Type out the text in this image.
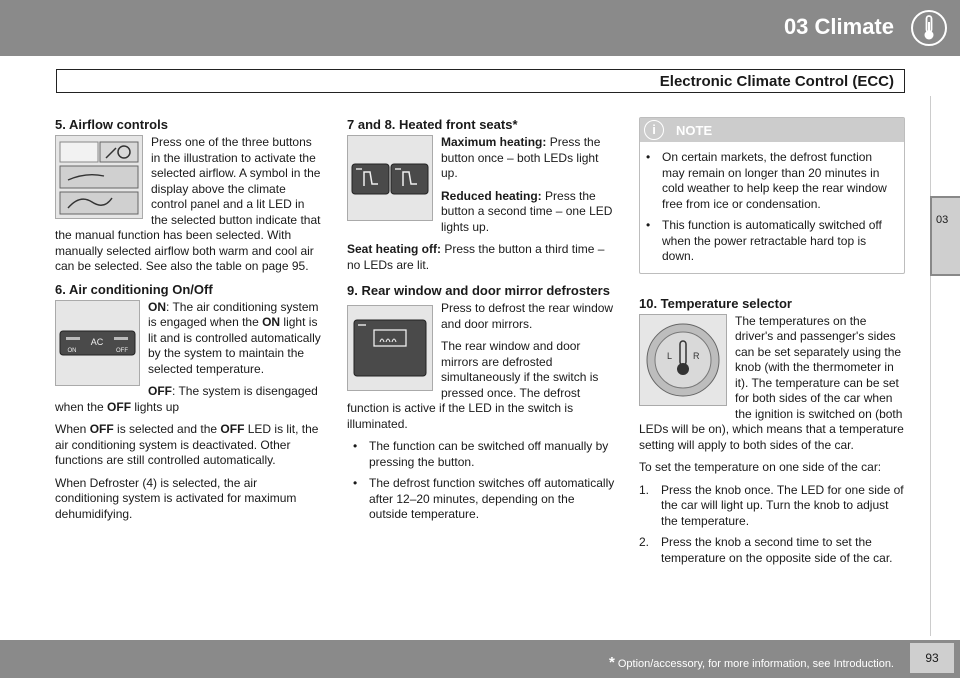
03 Climate
Electronic Climate Control (ECC)
03
5. Airflow controls

Press one of the three buttons in the illustration to activate the selected airflow. A symbol in the display above the climate control panel and a lit LED in the selected button indicate that the manual function has been selected. With manually selected airflow both warm and cool air can be selected. See also the table on page 95.

6. Air conditioning On/Off
AC
ON	OFF

ON: The air conditioning system is engaged when the ON light is lit and is controlled automatically by the system to maintain the selected temperature.

OFF: The system is disengaged when the OFF lights up

When OFF is selected and the OFF LED is lit, the air conditioning system is deactivated. Other functions are still controlled automatically.

When Defroster (4) is selected, the air conditioning system is activated for maximum dehumidifying.

7 and 8. Heated front seats*

Maximum heating: Press the button once – both LEDs light up.

Reduced heating: Press the button a second time – one LED lights up.

Seat heating off: Press the button a third time – no LEDs are lit.

9. Rear window and door mirror defrosters

Press to defrost the rear window and door mirrors.

The rear window and door mirrors are defrosted simultaneously if the switch is pressed once. The defrost function is active if the LED in the switch is illuminated.

• The function can be switched off manually by pressing the button.
• The defrost function switches off automatically after 12–20 minutes, depending on the outside temperature.
i	NOTE
• On certain markets, the defrost function may remain on longer than 20 minutes in cold weather to help keep the rear window free from ice or condensation.
• This function is automatically switched off when the power retractable hard top is down.
10. Temperature selector
L R

The temperatures on the driver's and passenger's sides can be set separately using the knob (with the thermometer in it). The temperature can be set for both sides of the car when the ignition is switched on (both LEDs will be on), which means that a temperature setting will apply to both sides of the car.

To set the temperature on one side of the car:

1. Press the knob once. The LED for one side of the car will light up. Turn the knob to adjust the temperature.
2. Press the knob a second time to set the temperature on the opposite side of the car.
* Option/accessory, for more information, see Introduction.	93
